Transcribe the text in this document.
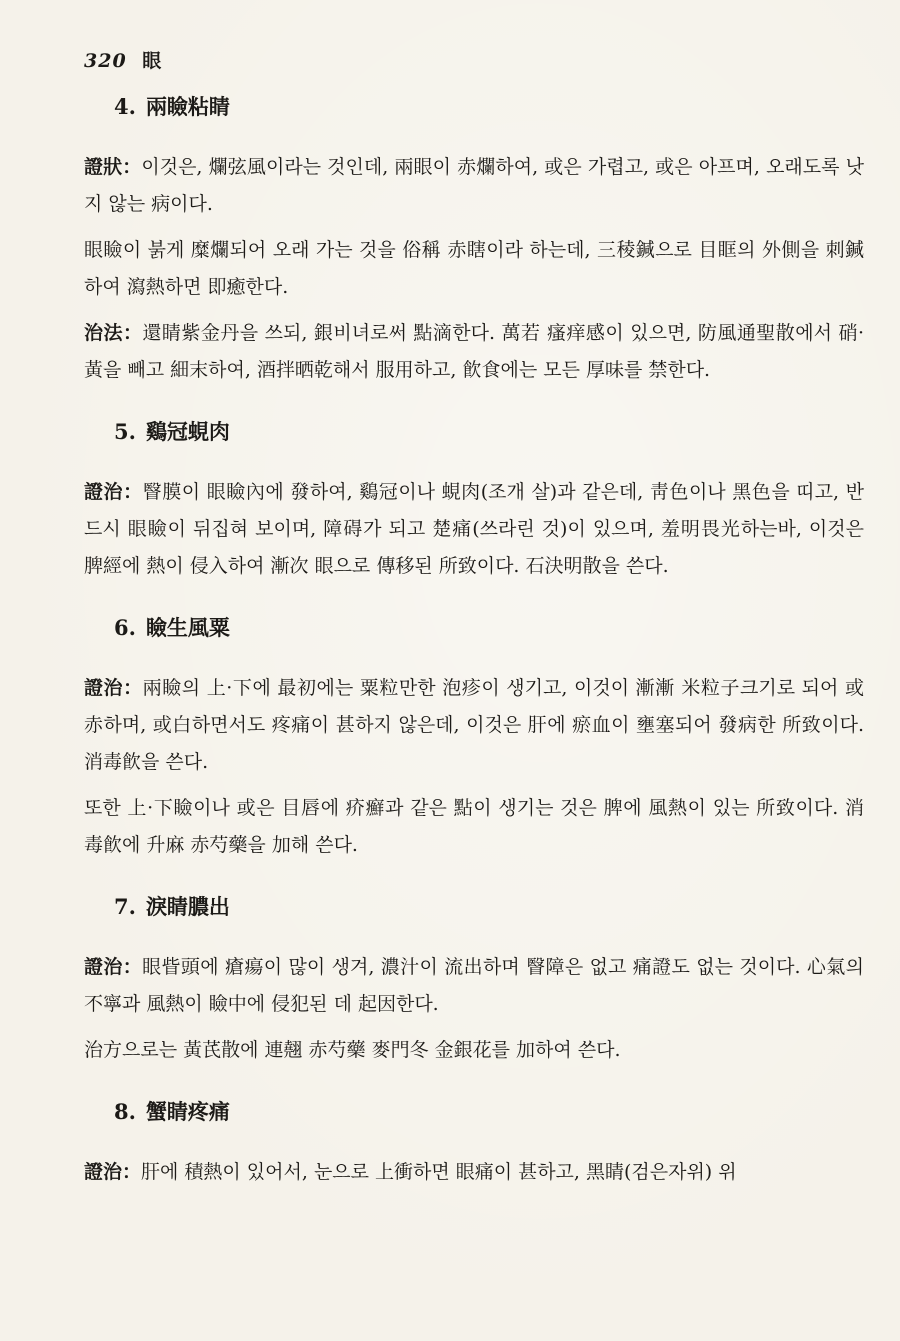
320 眼
4. 兩瞼粘睛

證狀：이것은, 爛弦風이라는 것인데, 兩眼이 赤爛하여, 或은 가렵고, 或은 아프며, 오래도록 낫지 않는 病이다.

眼瞼이 붉게 糜爛되어 오래 가는 것을 俗稱 赤瞎이라 하는데, 三稜鍼으로 目眶의 外側을 刺鍼하여 瀉熱하면 即癒한다.

治法：還睛紫金丹을 쓰되, 銀비녀로써 點滴한다. 萬若 瘙痒感이 있으면, 防風通聖散에서 硝·黃을 빼고 細末하여, 酒拌晒乾해서 服用하고, 飮食에는 모든 厚味를 禁한다.

5. 鷄冠蜆肉

證治：瞖膜이 眼瞼內에 發하여, 鷄冠이나 蜆肉(조개 살)과 같은데, 靑色이나 黑色을 띠고, 반드시 眼瞼이 뒤집혀 보이며, 障碍가 되고 楚痛(쓰라린 것)이 있으며, 羞明畏光하는바, 이것은 脾經에 熱이 侵入하여 漸次 眼으로 傳移된 所致이다. 石決明散을 쓴다.

6. 瞼生風粟

證治：兩瞼의 上·下에 最初에는 粟粒만한 泡疹이 생기고, 이것이 漸漸 米粒子크기로 되어 或赤하며, 或白하면서도 疼痛이 甚하지 않은데, 이것은 肝에 瘀血이 壅塞되어 發病한 所致이다. 消毒飮을 쓴다.

또한 上·下瞼이나 或은 目唇에 疥癬과 같은 點이 생기는 것은 脾에 風熱이 있는 所致이다. 消毒飮에 升麻 赤芍藥을 加해 쓴다.

7. 淚睛膿出

證治：眼眥頭에 瘡瘍이 많이 생겨, 濃汁이 流出하며 瞖障은 없고 痛證도 없는 것이다. 心氣의 不寧과 風熱이 瞼中에 侵犯된 데 起因한다.

治方으로는 黃芪散에 連翹 赤芍藥 麥門冬 金銀花를 加하여 쓴다.

8. 蟹睛疼痛

證治：肝에 積熱이 있어서, 눈으로 上衝하면 眼痛이 甚하고, 黑睛(검은자위) 위
